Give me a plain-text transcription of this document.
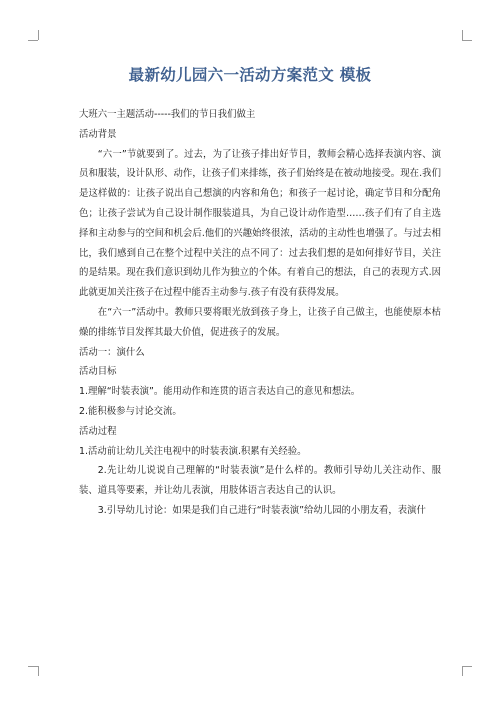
最新幼儿园六一活动方案范文 模板

大班六一主题活动-----我们的节日我们做主

活动背景

“六一”节就要到了。过去，为了让孩子排出好节目，教师会精心选择表演内容、演员和服装，设计队形、动作，让孩子们来排练，孩子们始终是在被动地接受。现在.我们是这样做的：让孩子说出自己想演的内容和角色；和孩子一起讨论，确定节目和分配角色；让孩子尝试为自己设计制作服装道具，为自己设计动作造型……孩子们有了自主选择和主动参与的空间和机会后.他们的兴趣始终很浓，活动的主动性也增强了。与过去相比，我们感到自己在整个过程中关注的点不同了：过去我们想的是如何排好节目，关注的是结果。现在我们意识到幼儿作为独立的个体。有着自己的想法，自己的表现方式.因此就更加关注孩子在过程中能否主动参与.孩子有没有获得发展。

在“六一”活动中。教师只要将眼光放到孩子身上，让孩子自己做主，也能使原本枯燥的排练节目发挥其最大价值，促进孩子的发展。

活动一：演什么

活动目标

1.理解“时装表演”。能用动作和连贯的语言表达自己的意见和想法。

2.能积极参与讨论交流。

活动过程

1.活动前让幼儿关注电视中的时装表演.积累有关经验。

2.先让幼儿说说自己理解的“时装表演”是什么样的。教师引导幼儿关注动作、服装、道具等要素，并让幼儿表演，用肢体语言表达自己的认识。

3.引导幼儿讨论：如果是我们自己进行“时装表演”给幼儿园的小朋友看，表演什
